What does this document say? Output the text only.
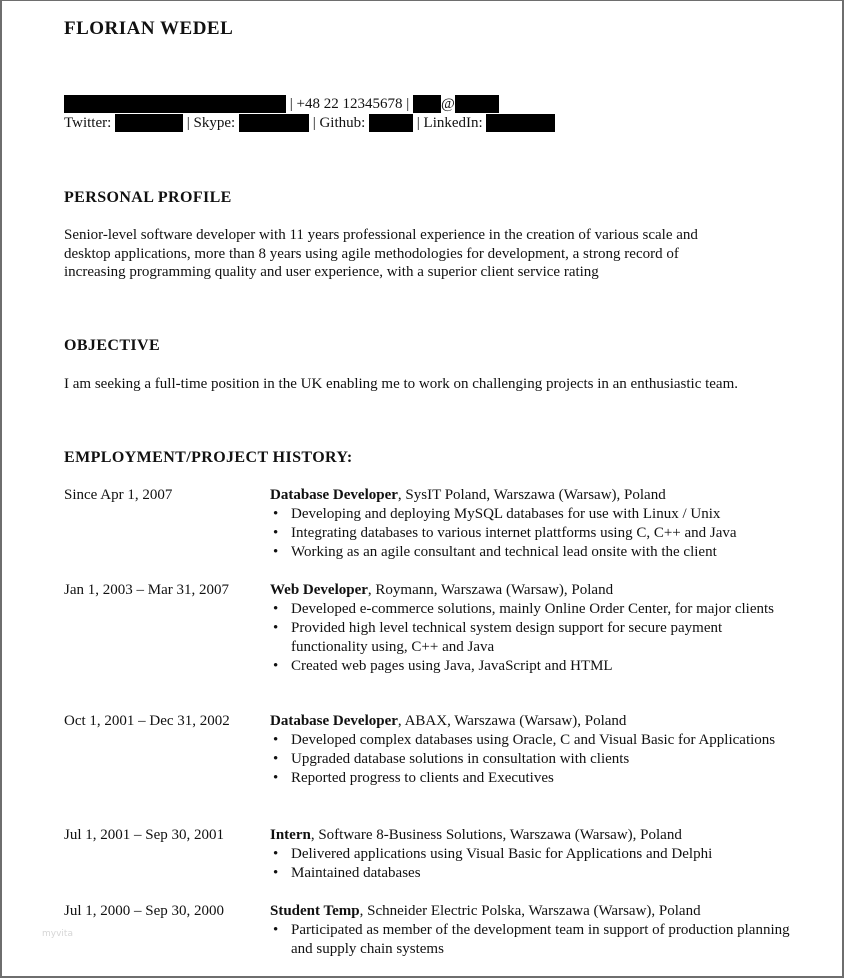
FLORIAN WEDEL
| +48 22 12345678 | @
Twitter:	| Skype:	| Github:	| LinkedIn:
PERSONAL PROFILE
Senior-level software developer with 11 years professional experience in the creation of various scale and
desktop applications, more than 8 years using agile methodologies for development, a strong record of
increasing programming quality and user experience, with a superior client service rating
OBJECTIVE
I am seeking a full-time position in the UK enabling me to work on challenging projects in an enthusiastic team.
EMPLOYMENT/PROJECT HISTORY:
Since Apr 1, 2007	Database Developer, SysIT Poland, Warszawa (Warsaw), Poland
• Developing and deploying MySQL databases for use with Linux / Unix
• Integrating databases to various internet plattforms using C, C++ and Java
• Working as an agile consultant and technical lead onsite with the client
Jan 1, 2003 – Mar 31, 2007	Web Developer, Roymann, Warszawa (Warsaw), Poland
• Developed e-commerce solutions, mainly Online Order Center, for major clients
• Provided high level technical system design support for secure payment functionality using, C++ and Java
• Created web pages using Java, JavaScript and HTML
Oct 1, 2001 – Dec 31, 2002	Database Developer, ABAX, Warszawa (Warsaw), Poland
• Developed complex databases using Oracle, C and Visual Basic for Applications
• Upgraded database solutions in consultation with clients
• Reported progress to clients and Executives
Jul 1, 2001 – Sep 30, 2001	Intern, Software 8-Business Solutions, Warszawa (Warsaw), Poland
• Delivered applications using Visual Basic for Applications and Delphi
• Maintained databases
Jul 1, 2000 – Sep 30, 2000	Student Temp, Schneider Electric Polska, Warszawa (Warsaw), Poland
• Participated as member of the development team in support of production planning and supply chain systems
myvita
